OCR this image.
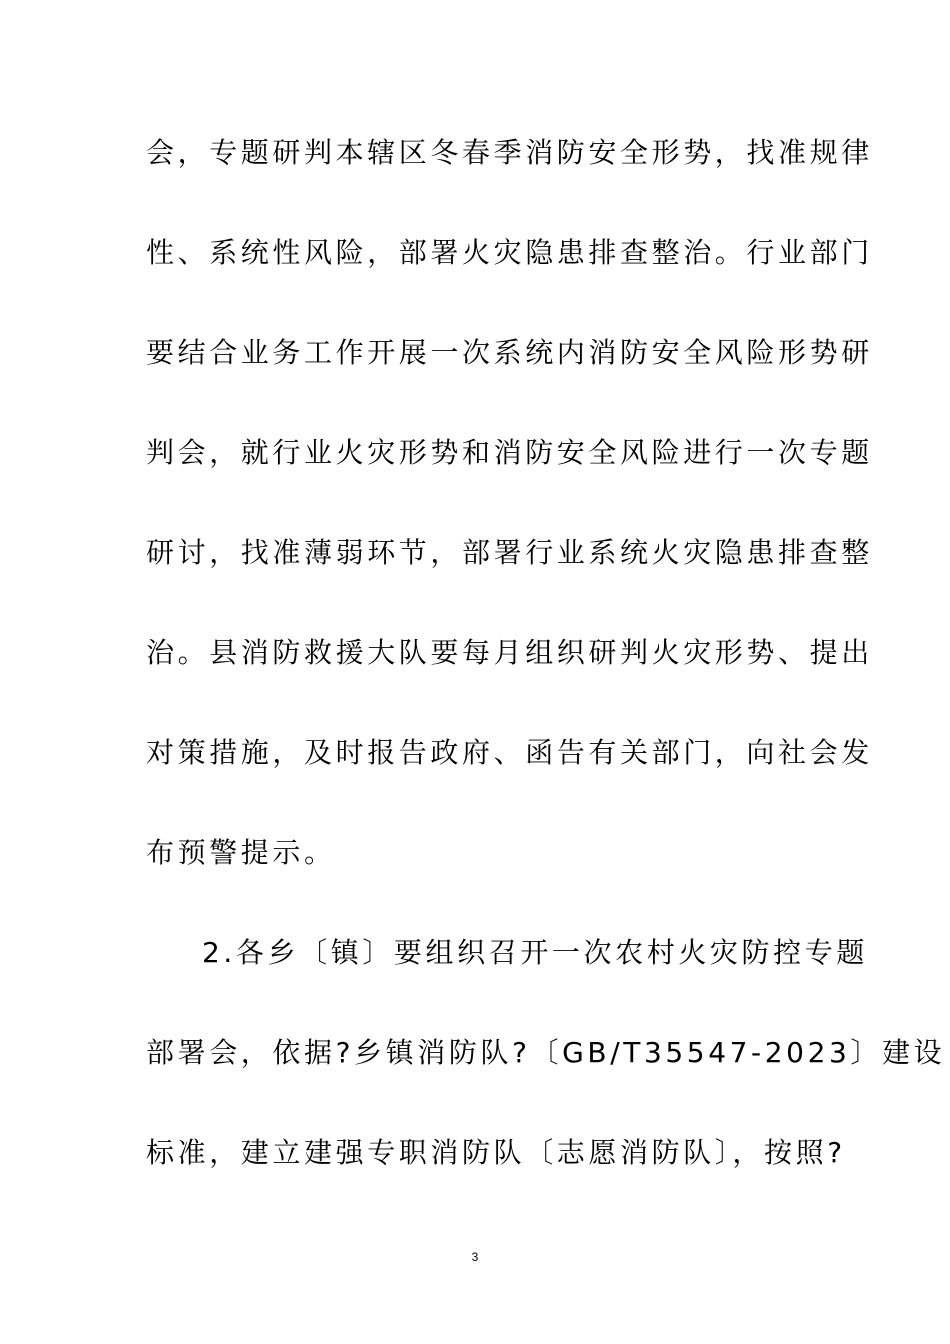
会，专题研判本辖区冬春季消防安全形势，找准规律
性、系统性风险，部署火灾隐患排查整治。行业部门
要结合业务工作开展一次系统内消防安全风险形势研
判会，就行业火灾形势和消防安全风险进行一次专题
研讨，找准薄弱环节，部署行业系统火灾隐患排查整
治。县消防救援大队要每月组织研判火灾形势、提出
对策措施，及时报告政府、函告有关部门，向社会发
布预警提示。
2.各乡〔镇〕要组织召开一次农村火灾防控专题
部署会，依据?乡镇消防队?〔GB/T35547-2023〕建设
标准，建立建强专职消防队〔志愿消防队〕，按照?
3
